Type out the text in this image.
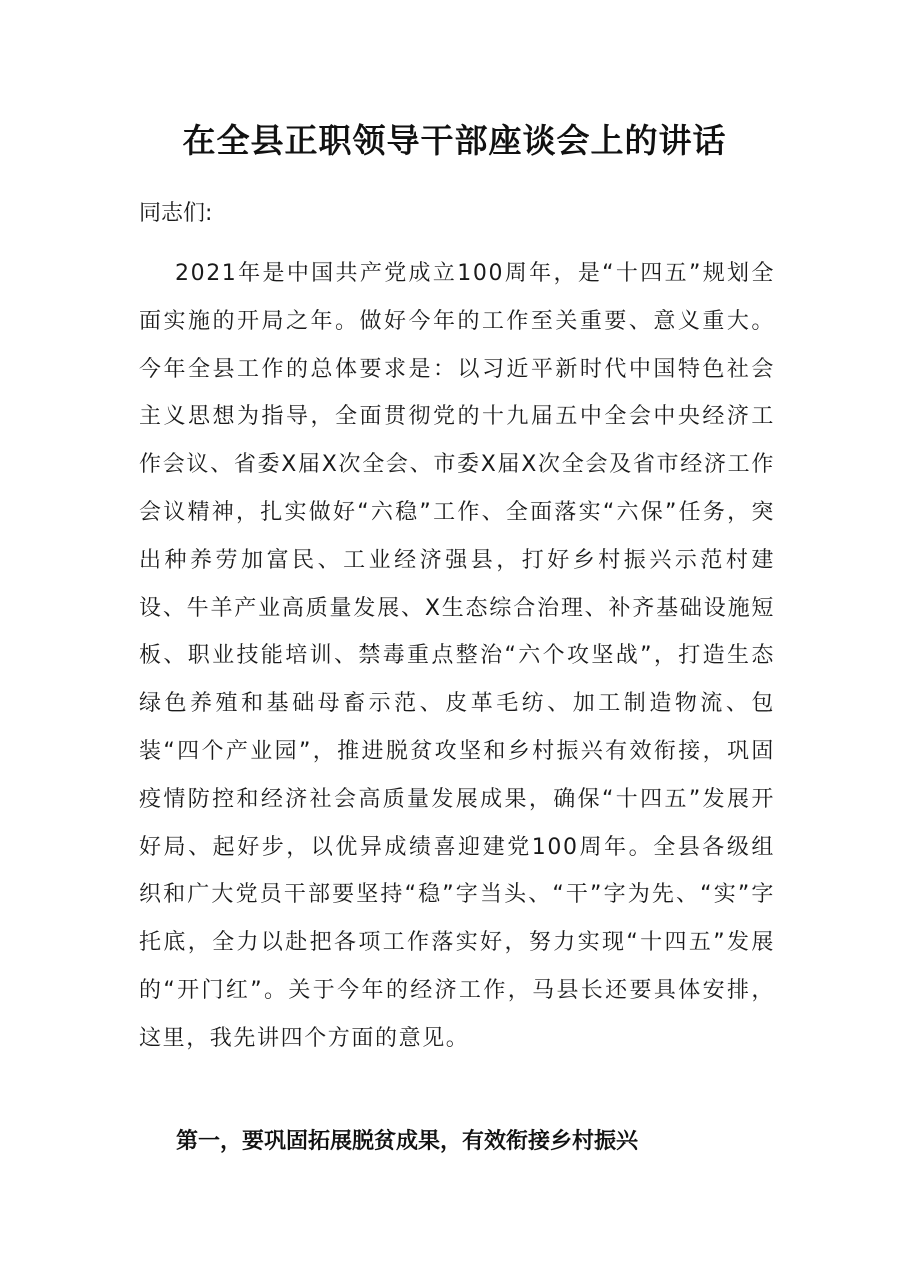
在全县正职领导干部座谈会上的讲话
同志们:

2021年是中国共产党成立100周年，是“十四五”规划全面实施的开局之年。做好今年的工作至关重要、意义重大。今年全县工作的总体要求是：以习近平新时代中国特色社会主义思想为指导，全面贯彻党的十九届五中全会中央经济工作会议、省委X届X次全会、市委X届X次全会及省市经济工作会议精神，扎实做好“六稳”工作、全面落实“六保”任务，突出种养劳加富民、工业经济强县，打好乡村振兴示范村建设、牛羊产业高质量发展、X生态综合治理、补齐基础设施短板、职业技能培训、禁毒重点整治“六个攻坚战”，打造生态绿色养殖和基础母畜示范、皮革毛纺、加工制造物流、包装“四个产业园”，推进脱贫攻坚和乡村振兴有效衔接，巩固疫情防控和经济社会高质量发展成果，确保“十四五”发展开好局、起好步，以优异成绩喜迎建党100周年。全县各级组织和广大党员干部要坚持“稳”字当头、“干”字为先、“实”字托底，全力以赴把各项工作落实好，努力实现“十四五”发展的“开门红”。关于今年的经济工作，马县长还要具体安排，这里，我先讲四个方面的意见。

第一，要巩固拓展脱贫成果，有效衔接乡村振兴
